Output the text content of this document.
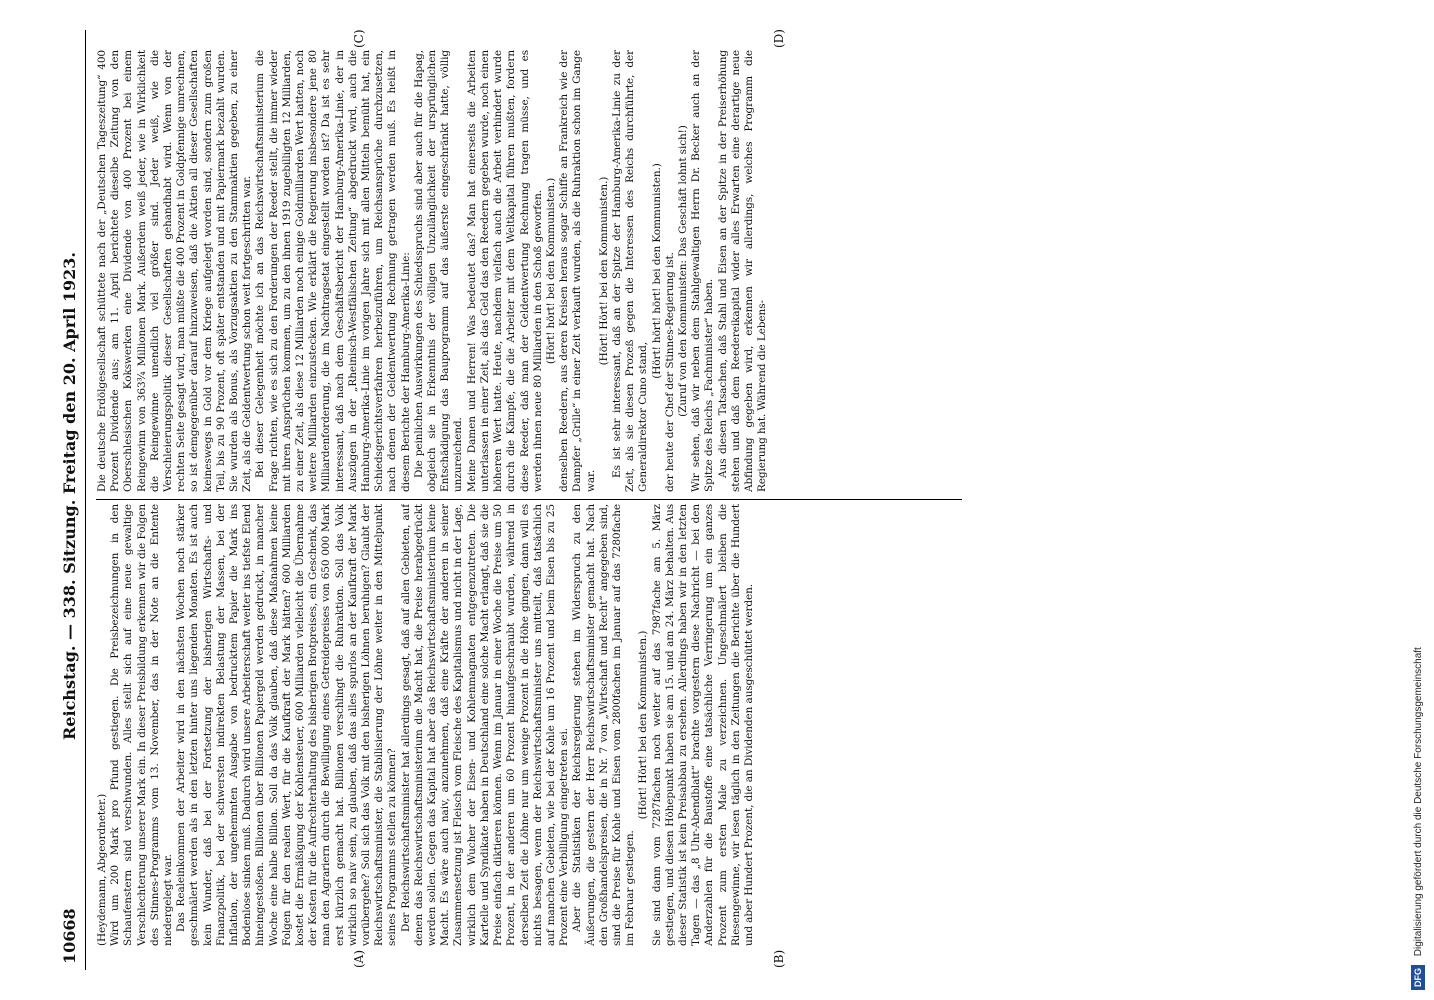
10668
Reichstag. — 338. Sitzung. Freitag den 20. April 1923.
(A)	(B)
(C)	(D)

(Heydemann, Abgeordneter.) Wird um 200 Mark pro Pfund gestiegen. Die Preisbezeichnungen in den Schaufenstern sind verschwunden. Alles stellt sich auf eine neue gewaltige Verschlechterung unserer Mark ein. In dieser Preisbildung erkennen wir die Folgen des Stinnes-Programms vom 13. November, das in der Note an die Entente niedergelegt war. Das Realeinkommen der Arbeiter wird in den nächsten Wochen noch stärker geschmälert werden als in den letzten hinter uns liegenden Monaten. Es ist auch kein Wunder, daß bei der Fortsetzung der bisherigen Wirtschafts- und Finanzpolitik, bei der schwersten indirekten Belastung der Massen, bei der Inflation, der ungehemmten Ausgabe von bedrucktem Papier die Mark ins Bodenlose sinken muß. Dadurch wird unsere Arbeiterschaft weiter ins tiefste Elend hineingestoßen. Billionen über Billionen Papiergeld werden gedruckt, in mancher Woche eine halbe Billion. Soll da das Volk glauben, daß diese Maßnahmen keine Folgen für den realen Wert, für die Kaufkraft der Mark hätten? 600 Milliarden kostet die Ermäßigung der Kohlensteuer, 600 Milliarden vielleicht die Übernahme der Kosten für die Aufrechterhaltung des bisherigen Brotpreises, ein Geschenk, das man den Agrariern durch die Bewilligung eines Getreidepreises von 650 000 Mark erst kürzlich gemacht hat. Billionen verschlingt die Ruhraktion. Soll das Volk wirklich so naiv sein, zu glauben, daß das alles spurlos an der Kaufkraft der Mark vorübergehe? Soll sich das Volk mit den bisherigen Löhnen beruhigen? Glaubt der Reichswirtschaftsminister, die Stabilisierung der Löhne weiter in den Mittelpunkt seines Programms stellen zu können? Der Reichswirtschaftsminister hat allerdings gesagt, daß auf allen Gebieten, auf denen das Reichswirtschaftsministerium die Macht hat, die Preise herabgedrückt werden sollen. Gegen das Kapital hat aber das Reichswirtschaftsministerium keine Macht. Es wäre auch naiv, anzunehmen, daß eine Kräfte der anderen in seiner Zusammensetzung ist Fleisch vom Fleische des Kapitalismus und nicht in der Lage, wirklich dem Wucher der Eisen- und Kohlenmagnaten entgegenzutreten. Die Kartelle und Syndikate haben in Deutschland eine solche Macht erlangt, daß sie die Preise einfach diktieren können. Wenn im Januar in einer Woche die Preise um 50 Prozent, in der anderen um 60 Prozent hinaufgeschraubt wurden, während in derselben Zeit die Löhne nur um wenige Prozent in die Höhe gingen, dann will es nichts besagen, wenn der Reichswirtschaftsminister uns mitteilt, daß tatsächlich auf manchen Gebieten, wie bei der Kohle um 16 Prozent und beim Eisen bis zu 25 Prozent eine Verbilligung eingetreten sei. Aber die Statistiken der Reichsregierung stehen im Widerspruch zu den Äußerungen, die gestern der Herr Reichswirtschaftsminister gemacht hat. Nach den Großhandelspreisen, die in Nr. 7 von „Wirtschaft und Recht“ angegeben sind, sind die Preise für Kohle und Eisen vom 2800fachen im Januar auf das 7280fache im Februar gestiegen.

(Hört! Hört! bei den Kommunisten.) Sie sind dann vom 7287fachen noch weiter auf das 7987fache am 5. März gestiegen, und diesen Höhepunkt haben sie am 15. und am 24. März behalten. Aus dieser Statistik ist kein Preisabbau zu ersehen. Allerdings haben wir in den letzten Tagen — das „8 Uhr-Abendblatt“ brachte vorgestern diese Nachricht — bei den Anderzahlen für die Baustoffe eine tatsächliche Verringerung um ein ganzes Prozent zum ersten Male zu verzeichnen. Ungeschmälert bleiben die Riesengewinne, wir lesen täglich in den Zeitungen die Berichte über die Hundert und aber Hundert Prozent, die an Dividenden ausgeschüttet werden.

Die deutsche Erdölgesellschaft schüttete nach der „Deutschen Tageszeitung“ 400 Prozent Dividende aus; am 11. April berichtete dieselbe Zeitung von den Oberschlesischen Kokswerken eine Dividende von 400 Prozent bei einem Reingewinn von 363¾ Millionen Mark. Außerdem weiß jeder, wie in Wirklichkeit die Reingewinne unendlich viel größer sind. Jeder weiß, wie die Verschleierungspolitik dieser Gesellschaften gehandhabt wird. Wenn von der rechten Seite gesagt wird, man müßte die 400 Prozent in Goldpfennige umrechnen, so ist demgegenüber darauf hinzuweisen, daß die Aktien all dieser Gesellschaften keineswegs in Gold vor dem Kriege aufgelegt worden sind, sondern zum großen Teil, bis zu 90 Prozent, oft später entstanden und mit Papiermark bezahlt wurden. Sie wurden als Bonus, als Vorzugsaktien zu den Stammaktien gegeben, zu einer Zeit, als die Geldentwertung schon weit fortgeschritten war. Bei dieser Gelegenheit möchte ich an das Reichswirtschaftsministerium die Frage richten, wie es sich zu den Forderungen der Reeder stellt, die immer wieder mit ihren Ansprüchen kommen, um zu den ihnen 1919 zugebilligten 12 Milliarden, zu einer Zeit, als diese 12 Milliarden noch einige Goldmilliarden Wert hatten, noch weitere Milliarden einzustecken. Wie erklärt die Regierung insbesondere jene 80 Milliardenforderung, die im Nachtragsetat eingestellt worden ist? Da ist es sehr interessant, daß nach dem Geschäftsbericht der Hamburg-Amerika-Linie, der in Auszügen in der „Rheinisch-Westfälischen Zeitung“ abgedruckt wird, auch die Hamburg-Amerika-Linie im vorigen Jahre sich mit allen Mitteln bemüht hat, ein Schiedsgerichtsverfahren herbeizuführen, um Reichsansprüche durchzusetzen, nach denen der Geldentwertung Rechnung getragen werden muß. Es heißt in diesem Berichte der Hamburg-Amerika-Linie: Die peinlichen Auswirkungen des Schiedsspruchs sind aber auch für die Hapag, obgleich sie in Erkenntnis der völligen Unzulänglichkeit der ursprünglichen Entschädigung das Bauprogramm auf das äußerste eingeschränkt hatte, völlig unzureichend. Meine Damen und Herren! Was bedeutet das? Man hat einerseits die Arbeiten unterlassen in einer Zeit, als das Geld das den Reedern gegeben wurde, noch einen höheren Wert hatte. Heute, nachdem vielfach auch die Arbeit verhindert wurde durch die Kämpfe, die die Arbeiter mit dem Weltkapital führen mußten, fordern diese Reeder, daß man der Geldentwertung Rechnung tragen müsse, und es werden ihnen neue 80 Milliarden in den Schoß geworfen. (Hört! hört! bei den Kommunisten.) denselben Reedern, aus deren Kreisen heraus sogar Schiffe an Frankreich wie der Dampfer „Grille“ in einer Zeit verkauft wurden, als die Ruhraktion schon im Gange war.

(Hört! Hört! bei den Kommunisten.) Es ist sehr interessant, daß an der Spitze der Hamburg-Amerika-Linie zu der Zeit, als sie diesen Prozeß gegen die Interessen des Reichs durchführte, der Generaldirektor Cuno stand,

(Hört! hört! hört! bei den Kommunisten.) der heute der Chef der Stinnes-Regierung ist. (Zuruf von den Kommunisten: Das Geschäft lohnt sich!) Wir sehen, daß wir neben dem Stahlgewaltigen Herrn Dr. Becker auch an der Spitze des Reichs „Fachminister“ haben. Aus diesen Tatsachen, daß Stahl und Eisen an der Spitze in der Preiserhöhung stehen und daß dem Reedereikapital wider alles Erwarten eine derartige neue Abfindung gegeben wird, erkennen wir allerdings, welches Programm die Regierung hat. Während die Lebens-

DFG Digitalisierung gefördert durch die Deutsche Forschungsgemeinschaft
